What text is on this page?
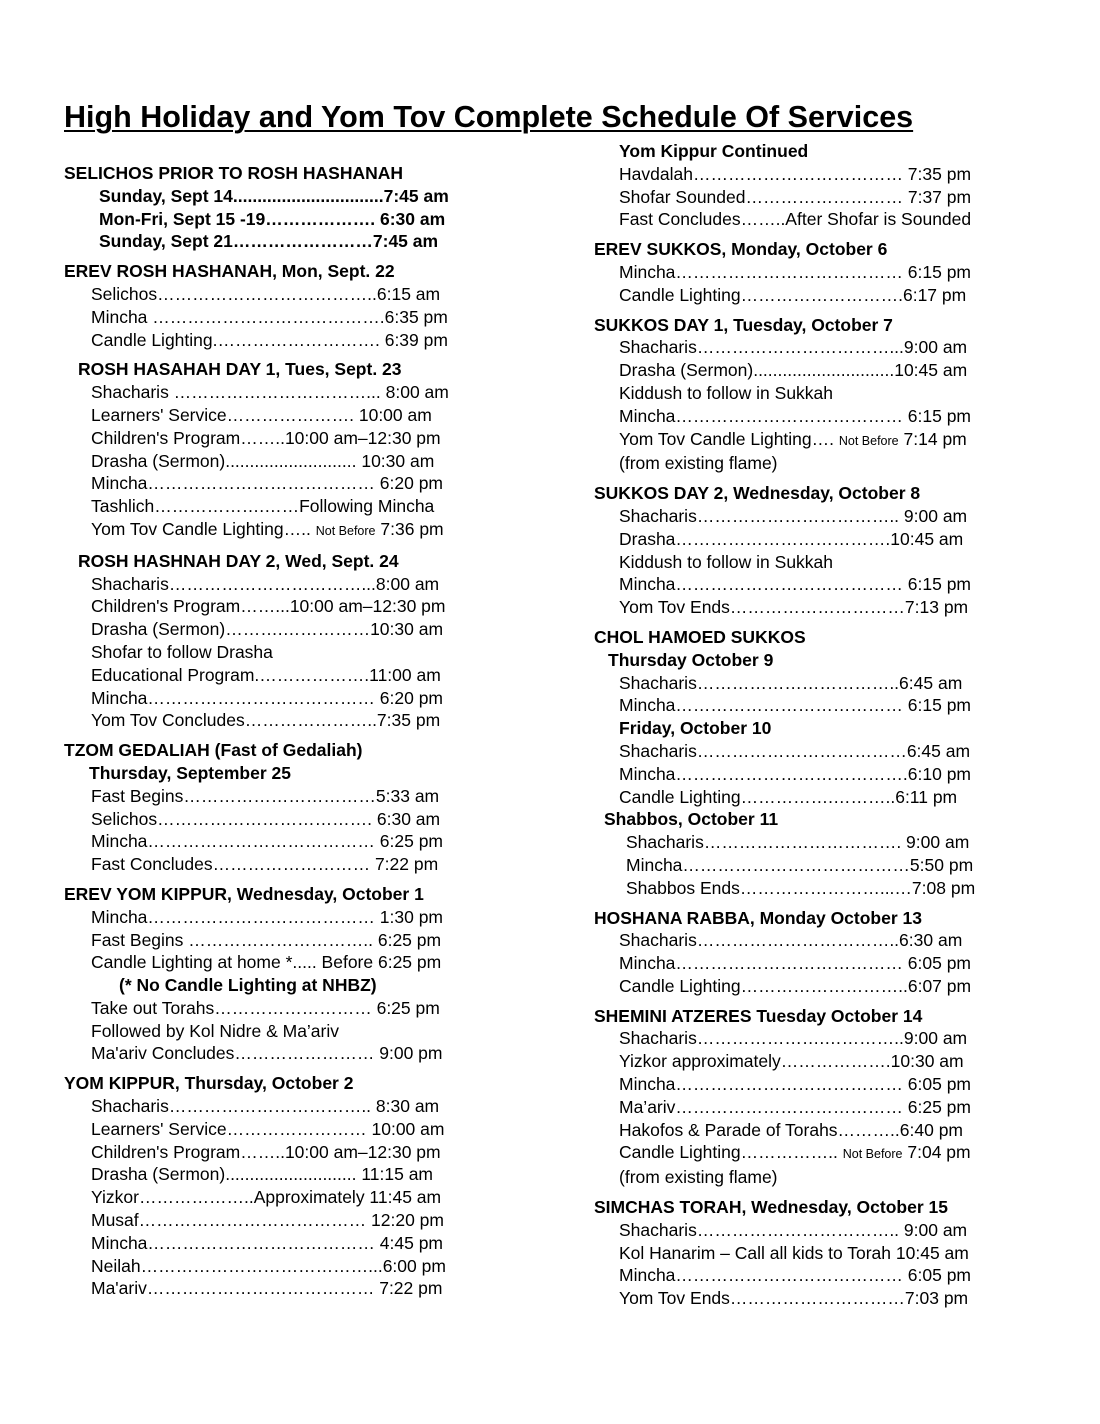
High Holiday and Yom Tov Complete Schedule Of Services
SELICHOS PRIOR TO ROSH HASHANAH
Sunday, Sept 14...............................7:45 am
Mon-Fri, Sept 15 -19………………. 6:30 am
Sunday, Sept 21……………………7:45 am
EREV ROSH HASHANAH, Mon, Sept. 22
Selichos………………………………..6:15 am
Mincha ………………………………….6:35 pm
Candle Lighting.………………………. 6:39 pm
ROSH HASAHAH DAY 1, Tues, Sept. 23
Shacharis ……………………………... 8:00 am
Learners' Service…………………. 10:00 am
Children's Program……..10:00 am–12:30 pm
Drasha (Sermon)........................... 10:30 am
Mincha………………………………… 6:20 pm
Tashlich……………….……Following Mincha
Yom Tov Candle Lighting….. Not Before 7:36 pm
ROSH HASHNAH DAY 2, Wed, Sept. 24
Shacharis……………………………...8:00 am
Children's Program……...10:00 am–12:30 pm
Drasha (Sermon)……….……………10:30 am
Shofar to follow Drasha
Educational Program.……………….11:00 am
Mincha………………………………… 6:20 pm
Yom Tov Concludes…………………..7:35 pm
TZOM GEDALIAH (Fast of Gedaliah)
Thursday, September 25
Fast Begins……………………………5:33 am
Selichos………………………………. 6:30 am
Mincha………………………………… 6:25 pm
Fast Concludes……………………… 7:22 pm
EREV YOM KIPPUR, Wednesday, October 1
Mincha………………………………… 1:30 pm
Fast Begins ………………………….. 6:25 pm
Candle Lighting at home *..... Before 6:25 pm
(* No Candle Lighting at NHBZ)
Take out Torahs……………………… 6:25 pm
Followed by Kol Nidre & Ma’ariv
Ma'ariv Concludes…………………… 9:00 pm
YOM KIPPUR, Thursday, October 2
Shacharis…………………………….. 8:30 am
Learners' Service…………………… 10:00 am
Children's Program……..10:00 am–12:30 pm
Drasha (Sermon)........................... 11:15 am
Yizkor………………..Approximately 11:45 am
Musaf………………………………… 12:20 pm
Mincha………………………………… 4:45 pm
Neilah…………………………………...6:00 pm
Ma'ariv………………………………… 7:22 pm
Yom Kippur Continued
Havdalah……………………………… 7:35 pm
Shofar Sounded……………………… 7:37 pm
Fast Concludes……..After Shofar is Sounded
EREV SUKKOS, Monday, October 6
Mincha………………………………… 6:15 pm
Candle Lighting……………………….6:17 pm
SUKKOS DAY 1, Tuesday, October 7
Shacharis……………………………...9:00 am
Drasha (Sermon).............................10:45 am
Kiddush to follow in Sukkah
Mincha………………………………… 6:15 pm
Yom Tov Candle Lighting…. Not Before 7:14 pm
(from existing flame)
SUKKOS DAY 2, Wednesday, October 8
Shacharis…………………………….. 9:00 am
Drasha……………………………….10:45 am
Kiddush to follow in Sukkah
Mincha………………………………… 6:15 pm
Yom Tov Ends…………………………7:13 pm
CHOL HAMOED SUKKOS
Thursday October 9
Shacharis……………………………..6:45 am
Mincha………………………………… 6:15 pm
Friday, October 10
Shacharis………………………………6:45 am
Mincha………………………………….6:10 pm
Candle Lighting…………….………..6:11 pm
Shabbos, October 11
Shacharis……………………………. 9:00 am
Mincha…………………………………5:50 pm
Shabbos Ends……………………...…7:08 pm
HOSHANA RABBA, Monday October 13
Shacharis……………………………..6:30 am
Mincha………………………………… 6:05 pm
Candle Lighting………………………..6:07 pm
SHEMINI ATZERES Tuesday October 14
Shacharis………………….…………..9:00 am
Yizkor approximately……………….10:30 am
Mincha………………………………… 6:05 pm
Ma’ariv………………………………… 6:25 pm
Hakofos & Parade of Torahs………..6:40 pm
Candle Lighting…………….. Not Before 7:04 pm
(from existing flame)
SIMCHAS TORAH, Wednesday, October 15
Shacharis…………………………….. 9:00 am
Kol Hanarim – Call all kids to Torah 10:45 am
Mincha………………………………… 6:05 pm
Yom Tov Ends…………………………7:03 pm
